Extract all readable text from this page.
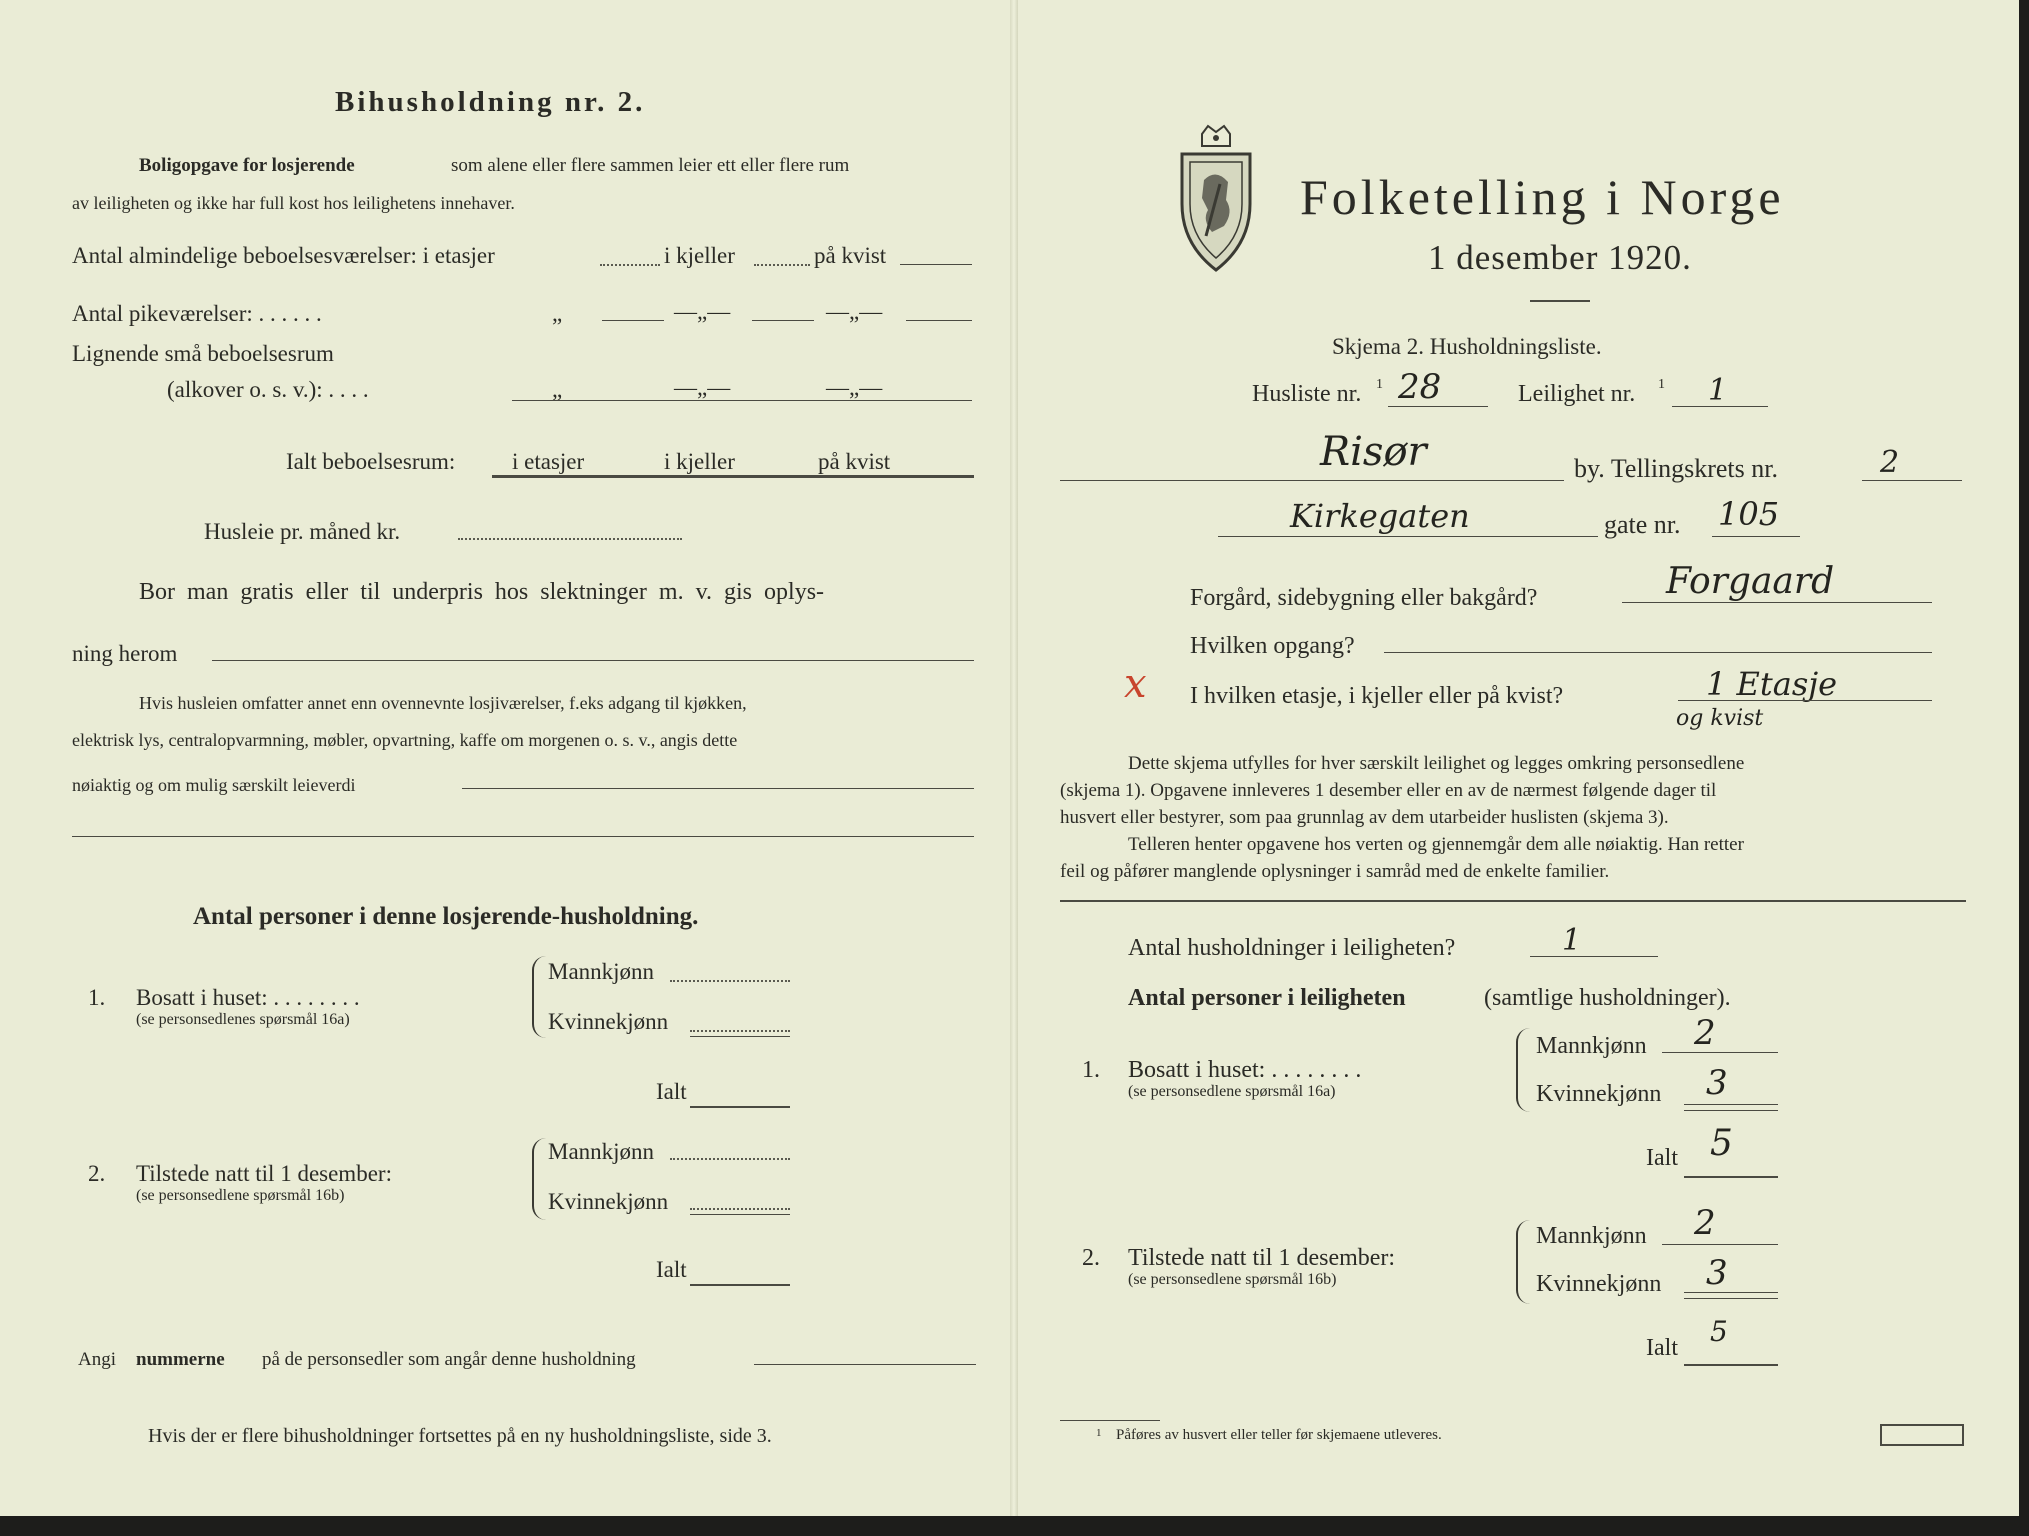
Bihusholdning nr. 2.
Boligopgave for losjerende	som alene eller flere sammen leier ett eller flere rum
av leiligheten og ikke har full kost hos leilighetens innehaver.
Antal almindelige beboelsesværelser: i etasjer	i kjeller	på kvist
Antal pikeværelser: . . . . . .	„	—„—	—„—
Lignende små beboelsesrum
(alkover o. s. v.): . . . .	„	—„—	—„—
Ialt beboelsesrum: i etasjer	i kjeller	på kvist
Husleie pr. måned kr.
Bor man gratis eller til underpris hos slektninger m. v. gis oplys-
ning herom
Hvis husleien omfatter annet enn ovennevnte losjiværelser, f.eks adgang til kjøkken,
elektrisk lys, centralopvarmning, møbler, opvartning, kaffe om morgenen o. s. v., angis dette
nøiaktig og om mulig særskilt leieverdi
Antal personer i denne losjerende-husholdning.
1. Bosatt i huset: . . . . . . . .
(se personsedlenes spørsmål 16a)
Mannkjønn
Kvinnekjønn
Ialt
2. Tilstede natt til 1 desember:
(se personsedlene spørsmål 16b)
Mannkjønn
Kvinnekjønn
Ialt
Angi nummerne på de personsedler som angår denne husholdning
Hvis der er flere bihusholdninger fortsettes på en ny husholdningsliste, side 3.
Folketelling i Norge
1 desember 1920.
Skjema 2. Husholdningsliste.
Husliste nr. 1 28	Leilighet nr. 1 1
Risør	by. Tellingskrets nr.	2
Kirkegaten	gate nr. 105
Forgård, sidebygning eller bakgård?	Forgaard
Hvilken opgang?
x I hvilken etasje, i kjeller eller på kvist?	1 Etasje
og kvist
Dette skjema utfylles for hver særskilt leilighet og legges omkring personsedlene
(skjema 1). Opgavene innleveres 1 desember eller en av de nærmest følgende dager til
husvert eller bestyrer, som paa grunnlag av dem utarbeider huslisten (skjema 3).
Telleren henter opgavene hos verten og gjennemgår dem alle nøiaktig. Han retter
feil og påfører manglende oplysninger i samråd med de enkelte familier.
Antal husholdninger i leiligheten?	1
Antal personer i leiligheten	(samtlige husholdninger).
1. Bosatt i huset: . . . . . . . .
(se personsedlene spørsmål 16a)
Mannkjønn 2
Kvinnekjønn 3
Ialt 5
2. Tilstede natt til 1 desember:
(se personsedlene spørsmål 16b)
Mannkjønn 2
Kvinnekjønn 3
Ialt 5
1 Påføres av husvert eller teller før skjemaene utleveres.
